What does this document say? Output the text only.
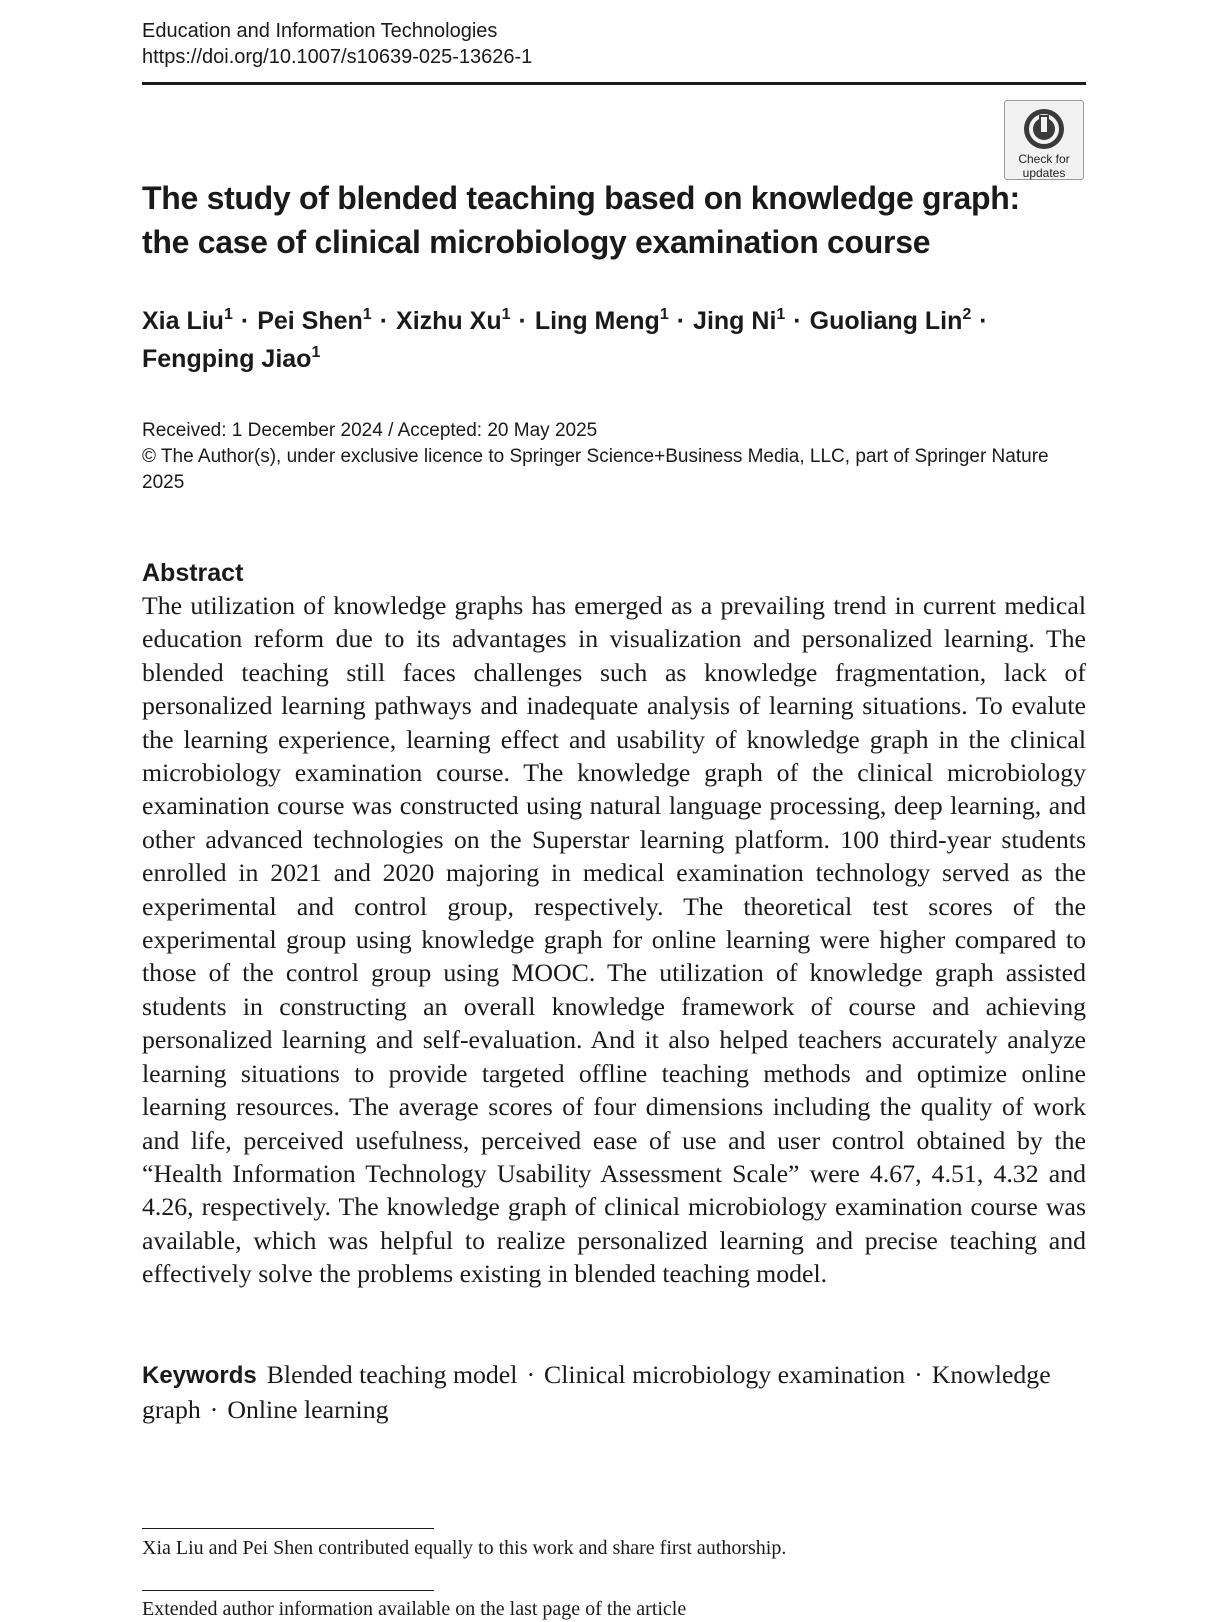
Education and Information Technologies
https://doi.org/10.1007/s10639-025-13626-1
Check for
updates
The study of blended teaching based on knowledge graph: the case of clinical microbiology examination course
Xia Liu$^1$ · Pei Shen$^1$ · Xizhu $Xu^1$ · Ling Meng$^1$ · Jing $Ni^1$ · Guoliang Lin$^2$ ·
Fengping Jiao$^1$
Received: 1 December 2024 / Accepted: 20 May 2025
© The Author(s), under exclusive licence to Springer Science+Business Media, LLC, part of Springer Nature 2025
Abstract
The utilization of knowledge graphs has emerged as a prevailing trend in current medical education reform due to its advantages in visualization and personalized learning. The blended teaching still faces challenges such as knowledge fragmentation, lack of personalized learning pathways and inadequate analysis of learning situations. To evalute the learning experience, learning effect and usability of knowledge graph in the clinical microbiology examination course. The knowledge graph of the clinical microbiology examination course was constructed using natural language processing, deep learning, and other advanced technologies on the Superstar learning platform. 100 third-year students enrolled in 2021 and 2020 majoring in medical examination technology served as the experimental and control group, respectively. The theoretical test scores of the experimental group using knowledge graph for online learning were higher compared to those of the control group using MOOC. The utilization of knowledge graph assisted students in constructing an overall knowledge framework of course and achieving personalized learning and self-evaluation. And it also helped teachers accurately analyze learning situations to provide targeted offline teaching methods and optimize online learning resources. The average scores of four dimensions including the quality of work and life, perceived usefulness, perceived ease of use and user control obtained by the “Health Information Technology Usability Assessment Scale” were 4.67, 4.51, 4.32 and 4.26, respectively. The knowledge graph of clinical microbiology examination course was available, which was helpful to realize personalized learning and precise teaching and effectively solve the problems existing in blended teaching model.
Keywords Blended teaching model · Clinical microbiology examination · Knowledge graph · Online learning
Xia Liu and Pei Shen contributed equally to this work and share first authorship.
Extended author information available on the last page of the article
